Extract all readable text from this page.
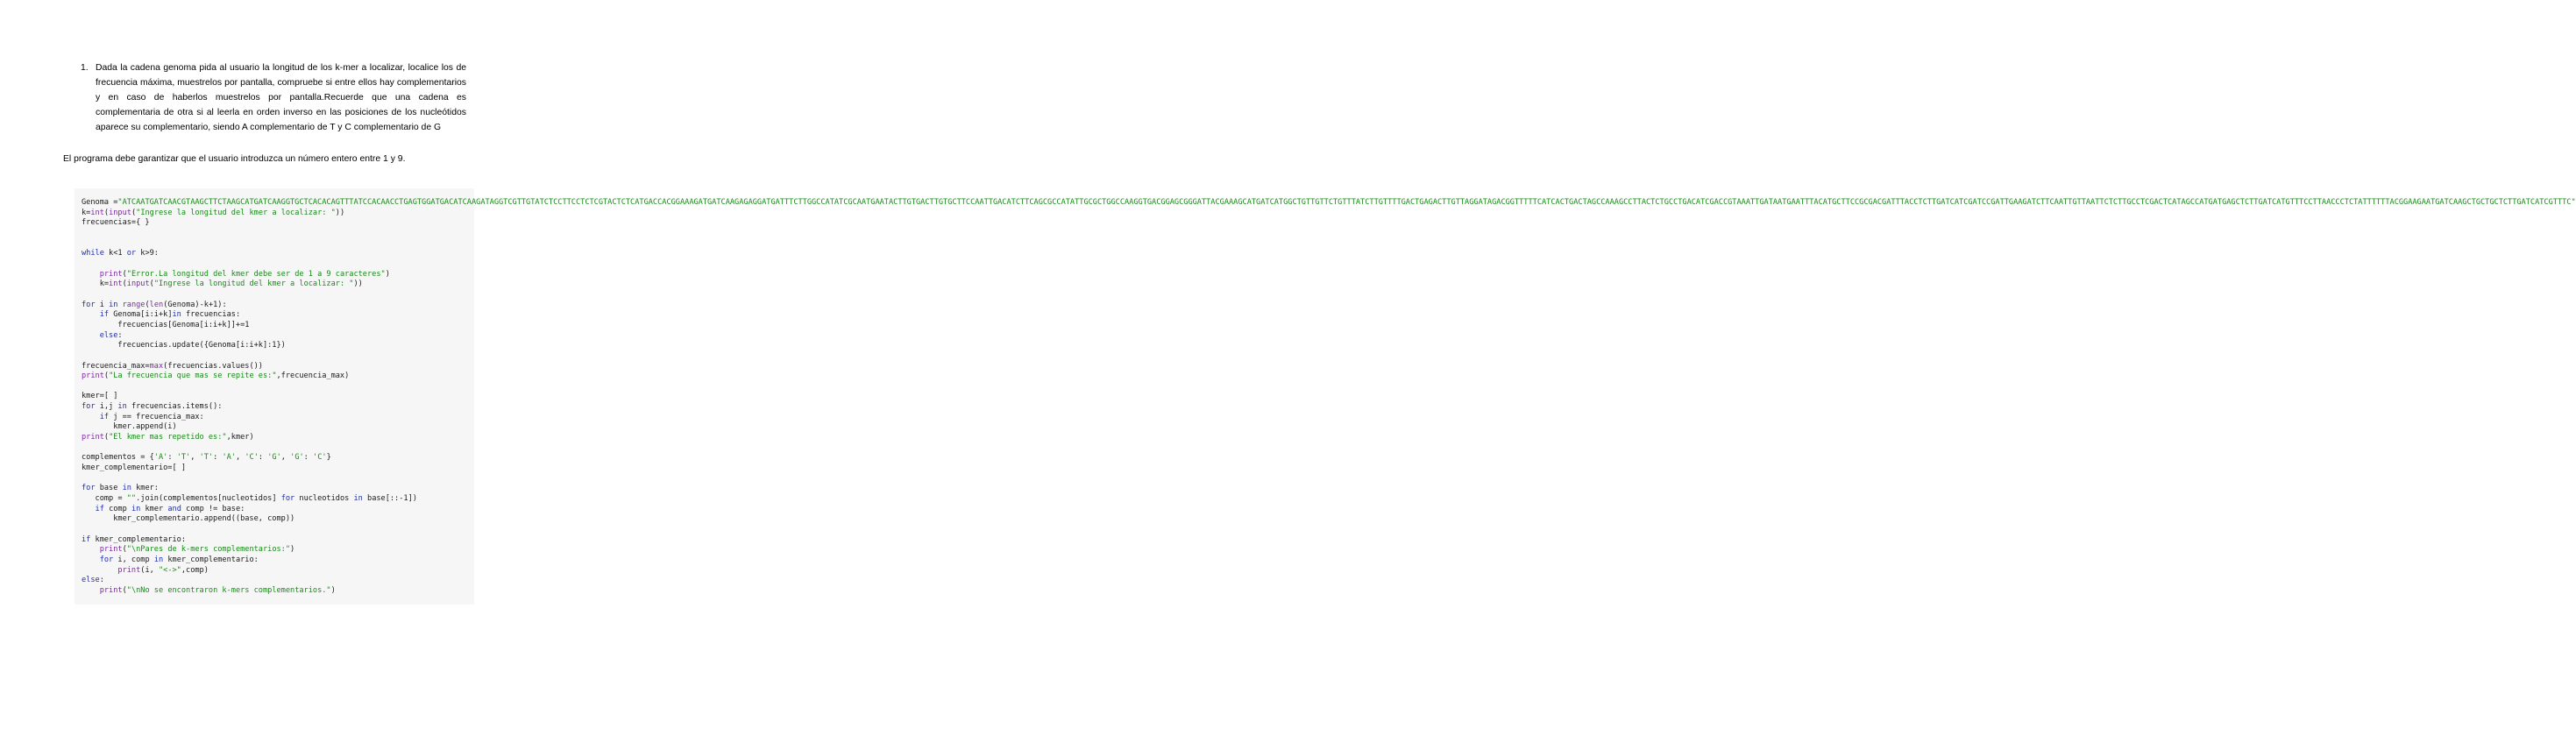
1. Dada la cadena genoma pida al usuario la longitud de los k-mer a localizar, localice los de frecuencia máxima, muestrelos por pantalla, compruebe si entre ellos hay complementarios y en caso de haberlos muestrelos por pantalla.Recuerde que una cadena es complementaria de otra si al leerla en orden inverso en las posiciones de los nucleótidos aparece su complementario, siendo A complementario de T y C complementario de G
El programa debe garantizar que el usuario introduzca un número entero entre 1 y 9.
Genoma ="ATCAATGATCAACGTAAGCTTCTAAGCATGATCAAGGTGCTCACACAGTTTATCCACAACCTGAGTGGATGACATCAAGATAGGTCGTTGTATCTCCTTCCTCTCGTACTCTCATGACCACGGAAAGATGATCAAGAGAGGATGATTTCTTGGCCATATCGCAATGAATACTTGTGACTTGTGCTTCCAATTGACATCTTCAGCGCCATATTGCGCTGGCCAAGGTGACGGAGCGGGATTACGAAAGCATGATCATGGCTGTTGTTCTGTTTATCTTGTTTTGACTGAGACTTGTTAGGATAGACGGTTTTTCATCACTGACTAGCCAAAGCCTTACTCTGCCTGACATCGACCGTAAATTGATAATGAATTTACATGCTTCCGCGACGATTTACCTCTTGATCATCGATCCGATTGAAGATCTTCAATTGTTAATTCTCTTGCCTCGACTCATAGCCATGATGAGCTCTTGATCATGTTTCCTTAACCCTCTATTTTTTACGGAAGAATGATCAAGCTGCTGCTCTTGATCATCGTTTC"
k=int(input("Ingrese la longitud del kmer a localizar: "))
frecuencias={ }
while k<1 or k>9:
print("Error.La longitud del kmer debe ser de 1 a 9 caracteres")
k=int(input("Ingrese la longitud del kmer a localizar: "))
for i in range(len(Genoma)-k+1):
if Genoma[i:i+k]in frecuencias:
frecuencias[Genoma[i:i+k]]+=1
else:
frecuencias.update({Genoma[i:i+k]:1})
frecuencia_max=max(frecuencias.values())
print("La frecuencia que mas se repite es:",frecuencia_max)
kmer=[ ]
for i,j in frecuencias.items():
if j == frecuencia_max:
kmer.append(i)
print("El kmer mas repetido es:",kmer)
complementos = {'A': 'T', 'T': 'A', 'C': 'G', 'G': 'C'}
kmer_complementario=[ ]
for base in kmer:
comp = "".join(complementos[nucleotidos] for nucleotidos in base[::-1])
if comp in kmer and comp != base:
kmer_complementario.append((base, comp))
if kmer_complementario:
print("\nPares de k-mers complementarios:")
for i, comp in kmer_complementario:
print(i, "<->",comp)
else:
print("\nNo se encontraron k-mers complementarios.")
